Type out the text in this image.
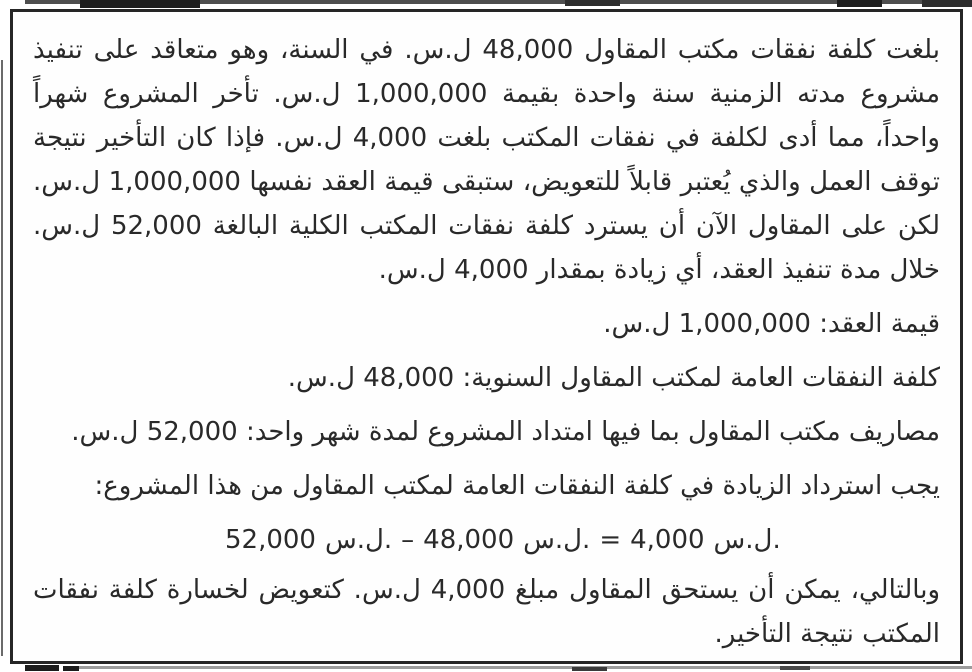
بلغت كلفة نفقات مكتب المقاول 48,000 ل.س. في السنة، وهو متعاقد على تنفيذ مشروع مدته الزمنية سنة واحدة بقيمة 1,000,000 ل.س. تأخر المشروع شهراً واحداً، مما أدى لكلفة في نفقات المكتب بلغت 4,000 ل.س. فإذا كان التأخير نتيجة توقف العمل والذي يُعتبر قابلاً للتعويض، ستبقى قيمة العقد نفسها 1,000,000 ل.س. لكن على المقاول الآن أن يسترد كلفة نفقات المكتب الكلية البالغة 52,000 ل.س. خلال مدة تنفيذ العقد، أي زيادة بمقدار 4,000 ل.س.
قيمة العقد: 1,000,000 ل.س.
كلفة النفقات العامة لمكتب المقاول السنوية: 48,000 ل.س.
مصاريف مكتب المقاول بما فيها امتداد المشروع لمدة شهر واحد: 52,000 ل.س.
يجب استرداد الزيادة في كلفة النفقات العامة لمكتب المقاول من هذا المشروع:
52,000 ل.س. – 48,000 ل.س. = 4,000 ل.س.
وبالتالي، يمكن أن يستحق المقاول مبلغ 4,000 ل.س. كتعويض لخسارة كلفة نفقات المكتب نتيجة التأخير.
